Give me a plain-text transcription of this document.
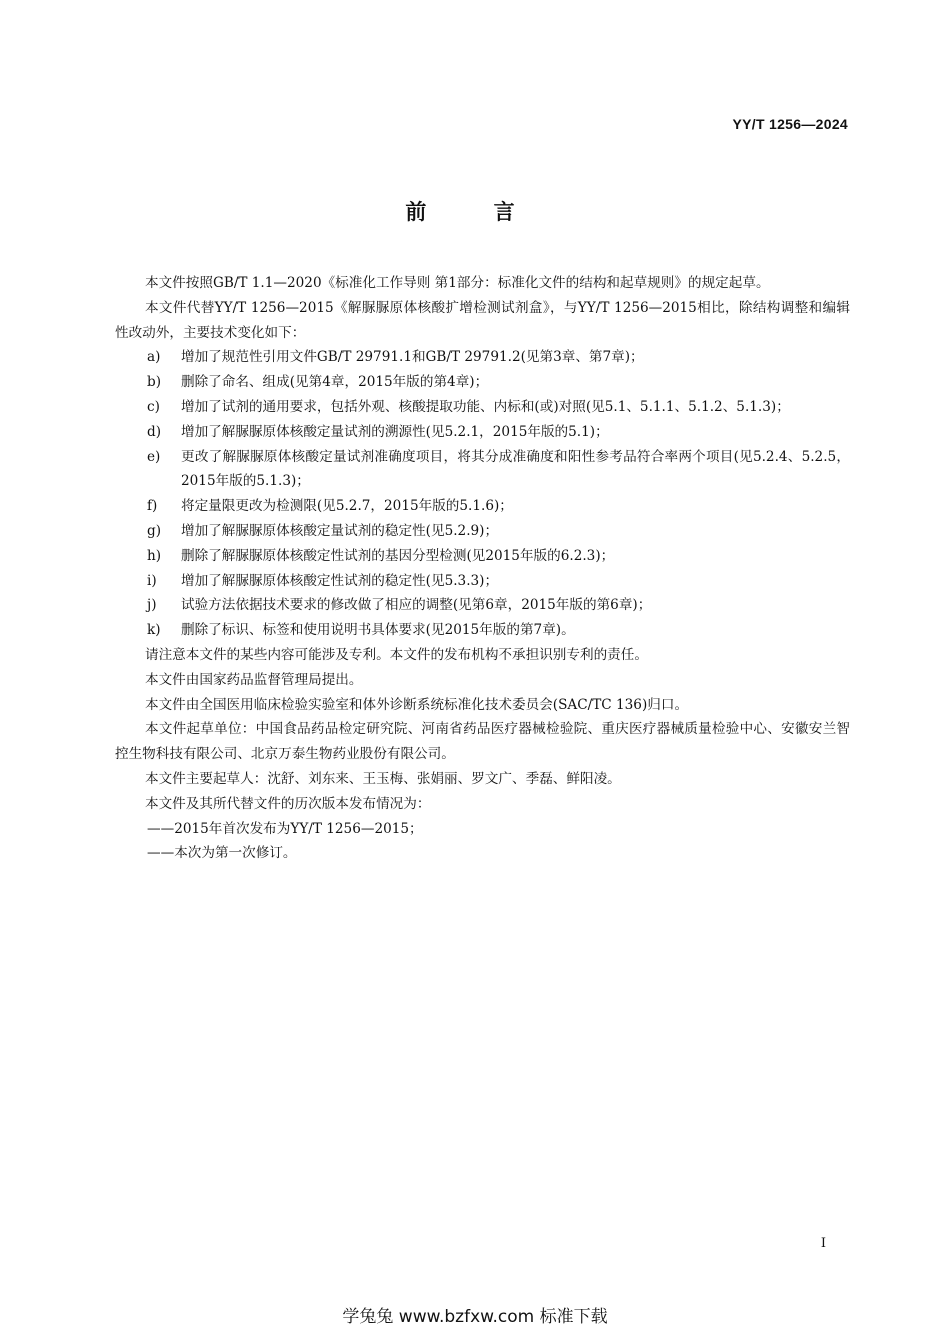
YY/T 1256—2024
前 言
本文件按照GB/T 1.1—2020《标准化工作导则 第1部分：标准化文件的结构和起草规则》的规定起草。
本文件代替YY/T 1256—2015《解脲脲原体核酸扩增检测试剂盒》，与YY/T 1256—2015相比，除结构调整和编辑性改动外，主要技术变化如下：
a)	增加了规范性引用文件GB/T 29791.1和GB/T 29791.2(见第3章、第7章)；
b)	删除了命名、组成(见第4章，2015年版的第4章)；
c)	增加了试剂的通用要求，包括外观、核酸提取功能、内标和(或)对照(见5.1、5.1.1、5.1.2、5.1.3)；
d)	增加了解脲脲原体核酸定量试剂的溯源性(见5.2.1，2015年版的5.1)；
e)	更改了解脲脲原体核酸定量试剂准确度项目，将其分成准确度和阳性参考品符合率两个项目(见5.2.4、5.2.5，2015年版的5.1.3)；
f)	将定量限更改为检测限(见5.2.7，2015年版的5.1.6)；
g)	增加了解脲脲原体核酸定量试剂的稳定性(见5.2.9)；
h)	删除了解脲脲原体核酸定性试剂的基因分型检测(见2015年版的6.2.3)；
i)	增加了解脲脲原体核酸定性试剂的稳定性(见5.3.3)；
j)	试验方法依据技术要求的修改做了相应的调整(见第6章，2015年版的第6章)；
k)	删除了标识、标签和使用说明书具体要求(见2015年版的第7章)。
请注意本文件的某些内容可能涉及专利。本文件的发布机构不承担识别专利的责任。
本文件由国家药品监督管理局提出。
本文件由全国医用临床检验实验室和体外诊断系统标准化技术委员会(SAC/TC 136)归口。
本文件起草单位：中国食品药品检定研究院、河南省药品医疗器械检验院、重庆医疗器械质量检验中心、安徽安兰智控生物科技有限公司、北京万泰生物药业股份有限公司。
本文件主要起草人：沈舒、刘东来、王玉梅、张娟丽、罗文广、季磊、鲜阳凌。
本文件及其所代替文件的历次版本发布情况为：
——2015年首次发布为YY/T 1256—2015；
——本次为第一次修订。
I
学兔兔 www.bzfxw.com 标准下载
